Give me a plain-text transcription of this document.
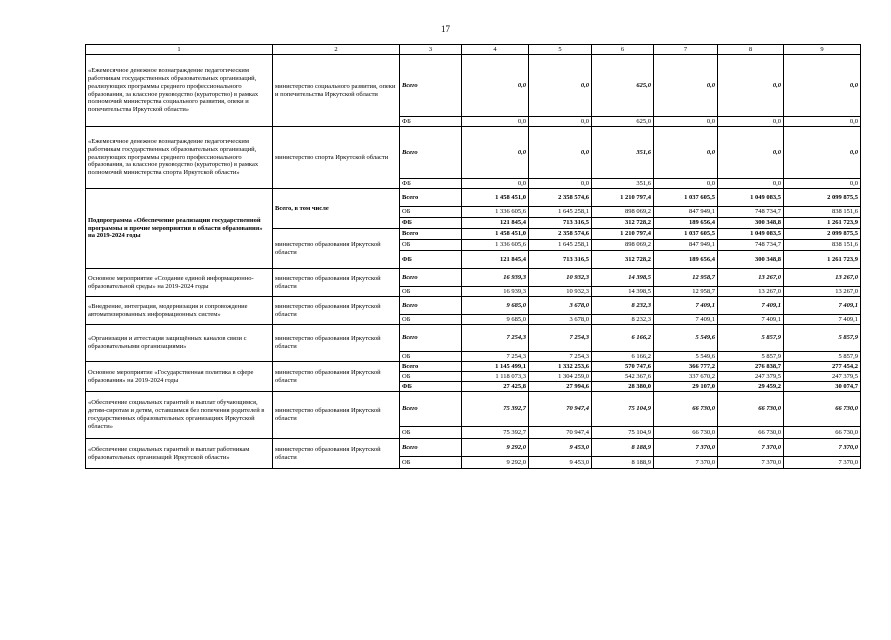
17
1	2	3	4	5	6	7	8	9
«Ежемесячное денежное вознаграждение педагогическим работникам государственных образовательных организаций, реализующих программы среднего профессионального образования, за классное руководство (кураторство) в рамках полномочий министерства социального развития, опеки и попечительства Иркутской области»	министерство социального развития, опеки и попечительства Иркутской области	Всего	0,0	0,0	625,0	0,0	0,0	0,0
		ФБ	0,0	0,0	625,0	0,0	0,0	0,0
«Ежемесячное денежное вознаграждение педагогическим работникам государственных образовательных организаций, реализующих программы среднего профессионального образования, за классное руководство (кураторство) в рамках полномочий министерства спорта Иркутской области»	министерство спорта Иркутской области	Всего	0,0	0,0	351,6	0,0	0,0	0,0
		ФБ	0,0	0,0	351,6	0,0	0,0	0,0
Подпрограмма «Обеспечение реализации государственной программы и прочие мероприятия в области образования» на 2019-2024 годы	Всего, в том числе	Всего	1 458 451,0	2 358 574,6	1 210 797,4	1 037 605,5	1 049 083,5	2 099 875,5
		ОБ	1 336 605,6	1 645 258,1	898 069,2	847 949,1	748 734,7	838 151,6
		ФБ	121 845,4	713 316,5	312 728,2	189 656,4	300 348,8	1 261 723,9
	министерство образования Иркутской области	Всего	1 458 451,0	2 358 574,6	1 210 797,4	1 037 605,5	1 049 083,5	2 099 875,5
		ОБ	1 336 605,6	1 645 258,1	898 069,2	847 949,1	748 734,7	838 151,6
		ФБ	121 845,4	713 316,5	312 728,2	189 656,4	300 348,8	1 261 723,9
Основное мероприятие «Создание единой информационно-образовательной среды» на 2019-2024 годы	министерство образования Иркутской области	Всего	16 939,3	10 932,3	14 398,5	12 958,7	13 267,0	13 267,0
		ОБ	16 939,3	10 932,3	14 398,5	12 958,7	13 267,0	13 267,0
«Внедрение, интеграция, модернизация и сопровождение автоматизированных информационных систем»	министерство образования Иркутской области	Всего	9 685,0	3 678,0	8 232,3	7 409,1	7 409,1	7 409,1
		ОБ	9 685,0	3 678,0	8 232,3	7 409,1	7 409,1	7 409,1
«Организация и аттестация защищённых каналов связи с образовательными организациями»	министерство образования Иркутской области	Всего	7 254,3	7 254,3	6 166,2	5 549,6	5 857,9	5 857,9
		ОБ	7 254,3	7 254,3	6 166,2	5 549,6	5 857,9	5 857,9
Основное мероприятие «Государственная политика в сфере образования» на 2019-2024 годы	министерство образования Иркутской области	Всего	1 145 499,1	1 332 253,6	570 747,6	366 777,2	276 838,7	277 454,2
		ОБ	1 118 073,3	1 304 259,0	542 367,6	337 670,2	247 379,5	247 379,5
		ФБ	27 425,8	27 994,6	28 380,0	29 107,0	29 459,2	30 074,7
«Обеспечение социальных гарантий и выплат обучающимся, детям-сиротам и детям, оставшимся без попечения родителей в государственных образовательных организациях Иркутской области»	министерство образования Иркутской области	Всего	75 392,7	70 947,4	75 104,9	66 730,0	66 730,0	66 730,0
		ОБ	75 392,7	70 947,4	75 104,9	66 730,0	66 730,0	66 730,0
«Обеспечение социальных гарантий и выплат работникам образовательных организаций Иркутской области»	министерство образования Иркутской области	Всего	9 292,0	9 453,0	8 188,9	7 370,0	7 370,0	7 370,0
		ОБ	9 292,0	9 453,0	8 188,9	7 370,0	7 370,0	7 370,0
